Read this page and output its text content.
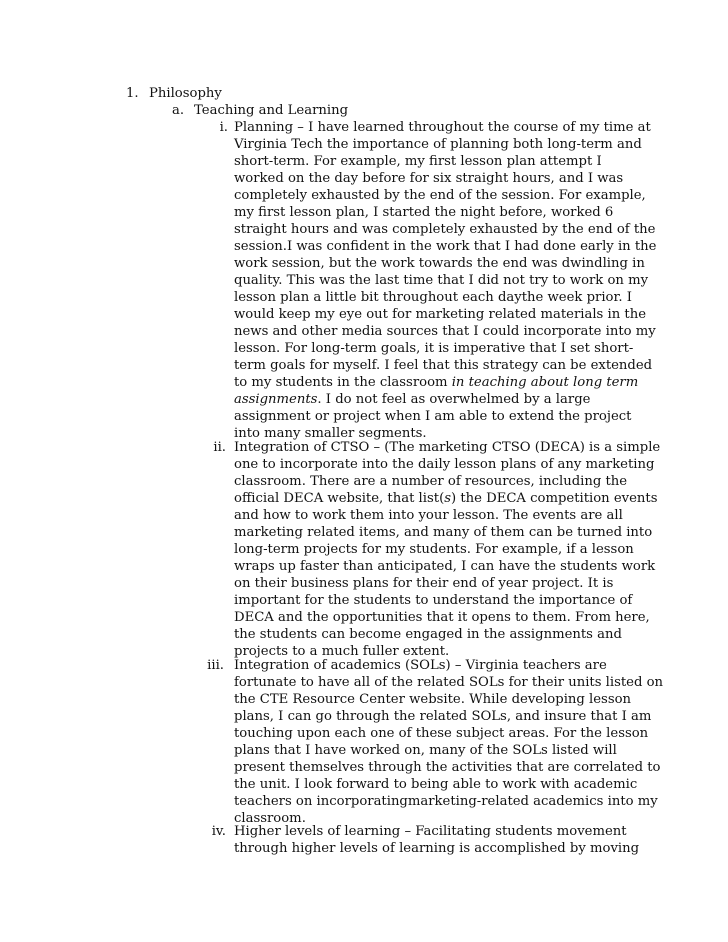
1. Philosophy
a. Teaching and Learning
i. Planning – I have learned throughout the course of my time at
Virginia Tech the importance of planning both long-term and
short-term. For example, my first lesson plan attempt I
worked on the day before for six straight hours, and I was
completely exhausted by the end of the session. For example,
my first lesson plan, I started the night before, worked 6
straight hours and was completely exhausted by the end of the
session.I was confident in the work that I had done early in the
work session, but the work towards the end was dwindling in
quality. This was the last time that I did not try to work on my
lesson plan a little bit throughout each daythe week prior. I
would keep my eye out for marketing related materials in the
news and other media sources that I could incorporate into my
lesson. For long-term goals, it is imperative that I set short-
term goals for myself. I feel that this strategy can be extended
to my students in the classroom in teaching about long term
assignments. I do not feel as overwhelmed by a large
assignment or project when I am able to extend the project
into many smaller segments.
ii. Integration of CTSO – (The marketing CTSO (DECA) is a simple
one to incorporate into the daily lesson plans of any marketing
classroom. There are a number of resources, including the
official DECA website, that list(s) the DECA competition events
and how to work them into your lesson. The events are all
marketing related items, and many of them can be turned into
long-term projects for my students. For example, if a lesson
wraps up faster than anticipated, I can have the students work
on their business plans for their end of year project. It is
important for the students to understand the importance of
DECA and the opportunities that it opens to them. From here,
the students can become engaged in the assignments and
projects to a much fuller extent.
iii. Integration of academics (SOLs) – Virginia teachers are
fortunate to have all of the related SOLs for their units listed on
the CTE Resource Center website. While developing lesson
plans, I can go through the related SOLs, and insure that I am
touching upon each one of these subject areas. For the lesson
plans that I have worked on, many of the SOLs listed will
present themselves through the activities that are correlated to
the unit. I look forward to being able to work with academic
teachers on incorporatingmarketing-related academics into my
classroom.
iv. Higher levels of learning – Facilitating students movement
through higher levels of learning is accomplished by moving
